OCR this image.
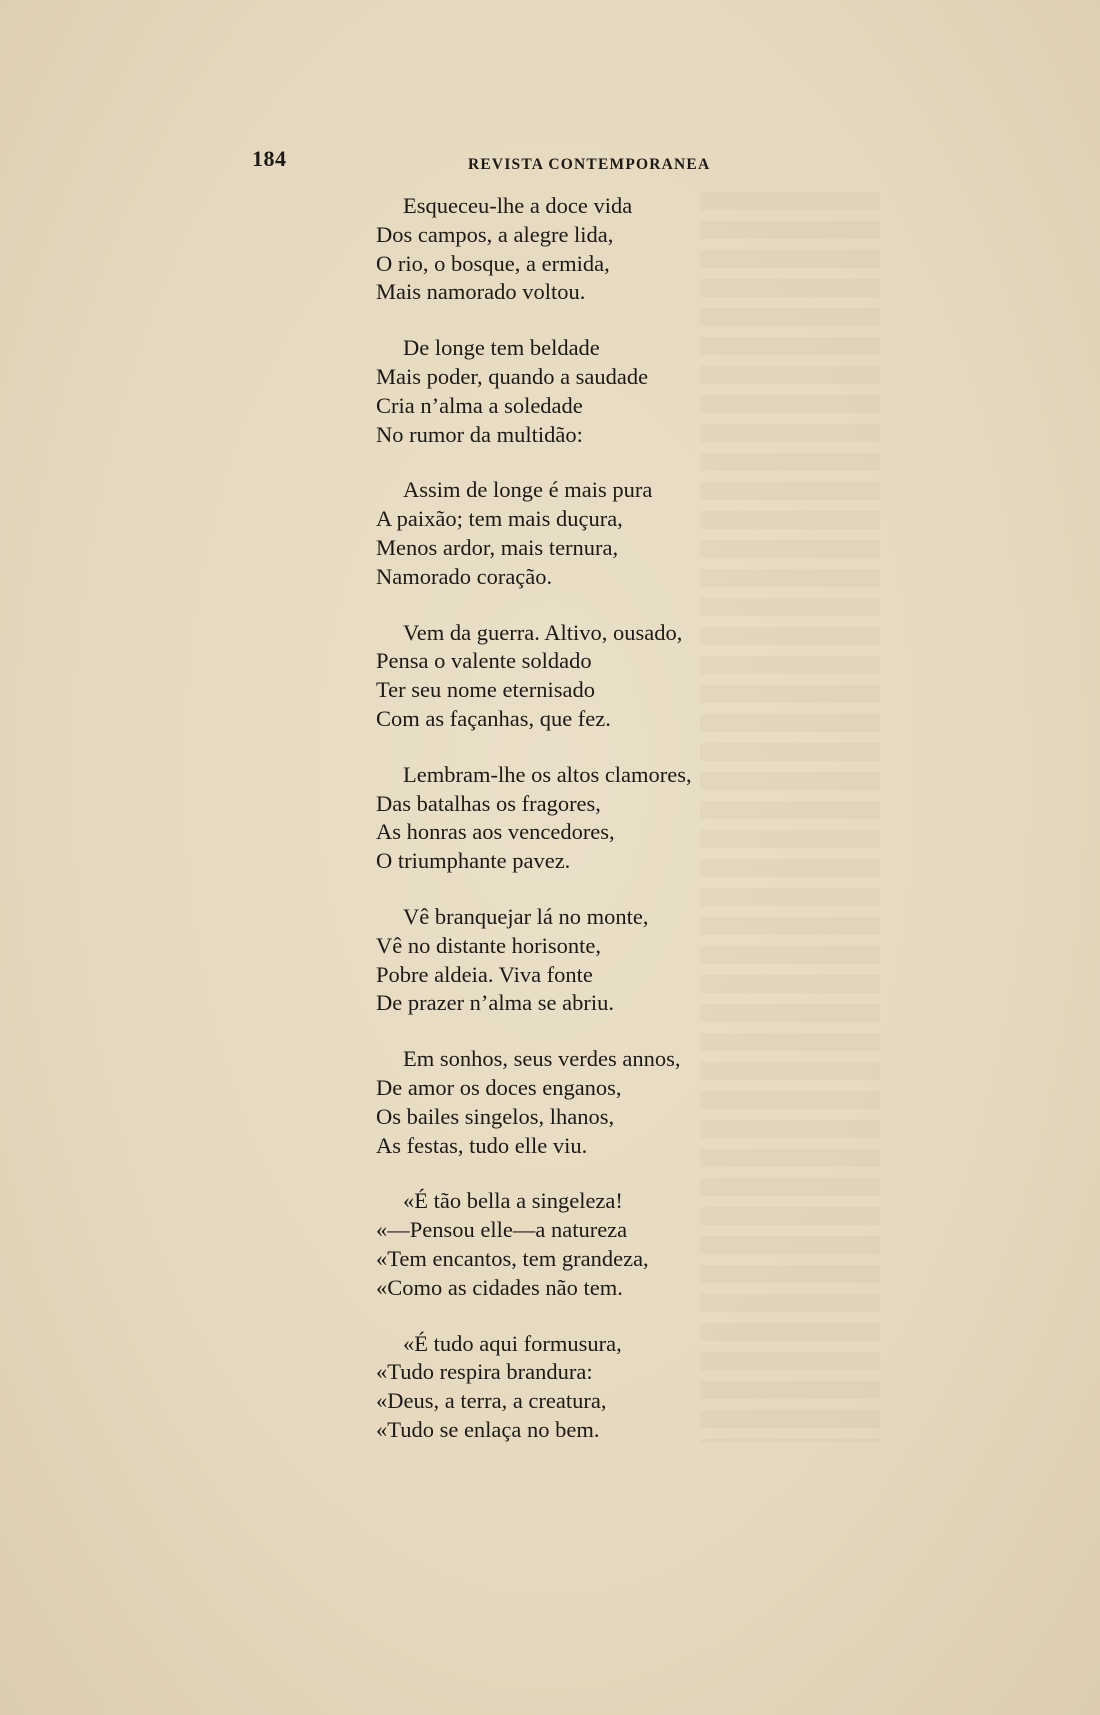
184	REVISTA CONTEMPORANEA
Esqueceu-lhe a doce vida
Dos campos, a alegre lida,
O rio, o bosque, a ermida,
Mais namorado voltou.
De longe tem beldade
Mais poder, quando a saudade
Cria n’alma a soledade
No rumor da multidão:
Assim de longe é mais pura
A paixão; tem mais duçura,
Menos ardor, mais ternura,
Namorado coração.
Vem da guerra. Altivo, ousado,
Pensa o valente soldado
Ter seu nome eternisado
Com as façanhas, que fez.
Lembram-lhe os altos clamores,
Das batalhas os fragores,
As honras aos vencedores,
O triumphante pavez.
Vê branquejar lá no monte,
Vê no distante horisonte,
Pobre aldeia. Viva fonte
De prazer n’alma se abriu.
Em sonhos, seus verdes annos,
De amor os doces enganos,
Os bailes singelos, lhanos,
As festas, tudo elle viu.
«É tão bella a singeleza!
«—Pensou elle—a natureza
«Tem encantos, tem grandeza,
«Como as cidades não tem.
«É tudo aqui formusura,
«Tudo respira brandura:
«Deus, a terra, a creatura,
«Tudo se enlaça no bem.
